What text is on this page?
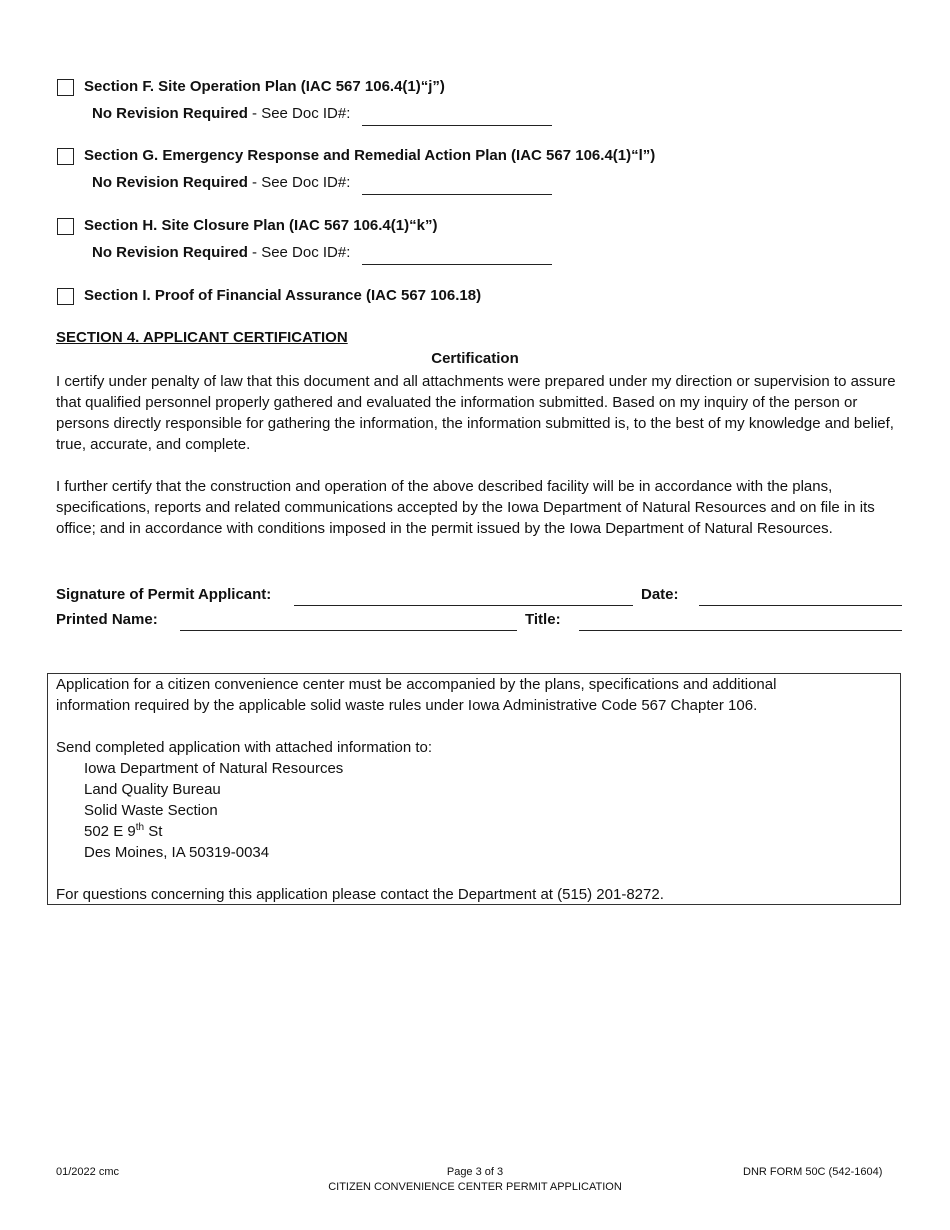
Section F. Site Operation Plan (IAC 567 106.4(1)“j”)
No Revision Required - See Doc ID#:
Section G. Emergency Response and Remedial Action Plan (IAC 567 106.4(1)“l”)
No Revision Required - See Doc ID#:
Section H. Site Closure Plan (IAC 567 106.4(1)“k”)
No Revision Required - See Doc ID#:
Section I. Proof of Financial Assurance (IAC 567 106.18)
SECTION 4. APPLICANT CERTIFICATION
Certification
I certify under penalty of law that this document and all attachments were prepared under my direction or supervision to assure that qualified personnel properly gathered and evaluated the information submitted. Based on my inquiry of the person or persons directly responsible for gathering the information, the information submitted is, to the best of my knowledge and belief, true, accurate, and complete.
I further certify that the construction and operation of the above described facility will be in accordance with the plans, specifications, reports and related communications accepted by the Iowa Department of Natural Resources and on file in its office; and in accordance with conditions imposed in the permit issued by the Iowa Department of Natural Resources.
Signature of Permit Applicant:	Date:
Printed Name:	Title:
Application for a citizen convenience center must be accompanied by the plans, specifications and additional
information required by the applicable solid waste rules under Iowa Administrative Code 567 Chapter 106.
Send completed application with attached information to:
Iowa Department of Natural Resources
Land Quality Bureau
Solid Waste Section
502 E 9th St
Des Moines, IA 50319-0034
For questions concerning this application please contact the Department at (515) 201-8272.
01/2022 cmc	Page 3 of 3
CITIZEN CONVENIENCE CENTER PERMIT APPLICATION
DNR FORM 50C (542-1604)
